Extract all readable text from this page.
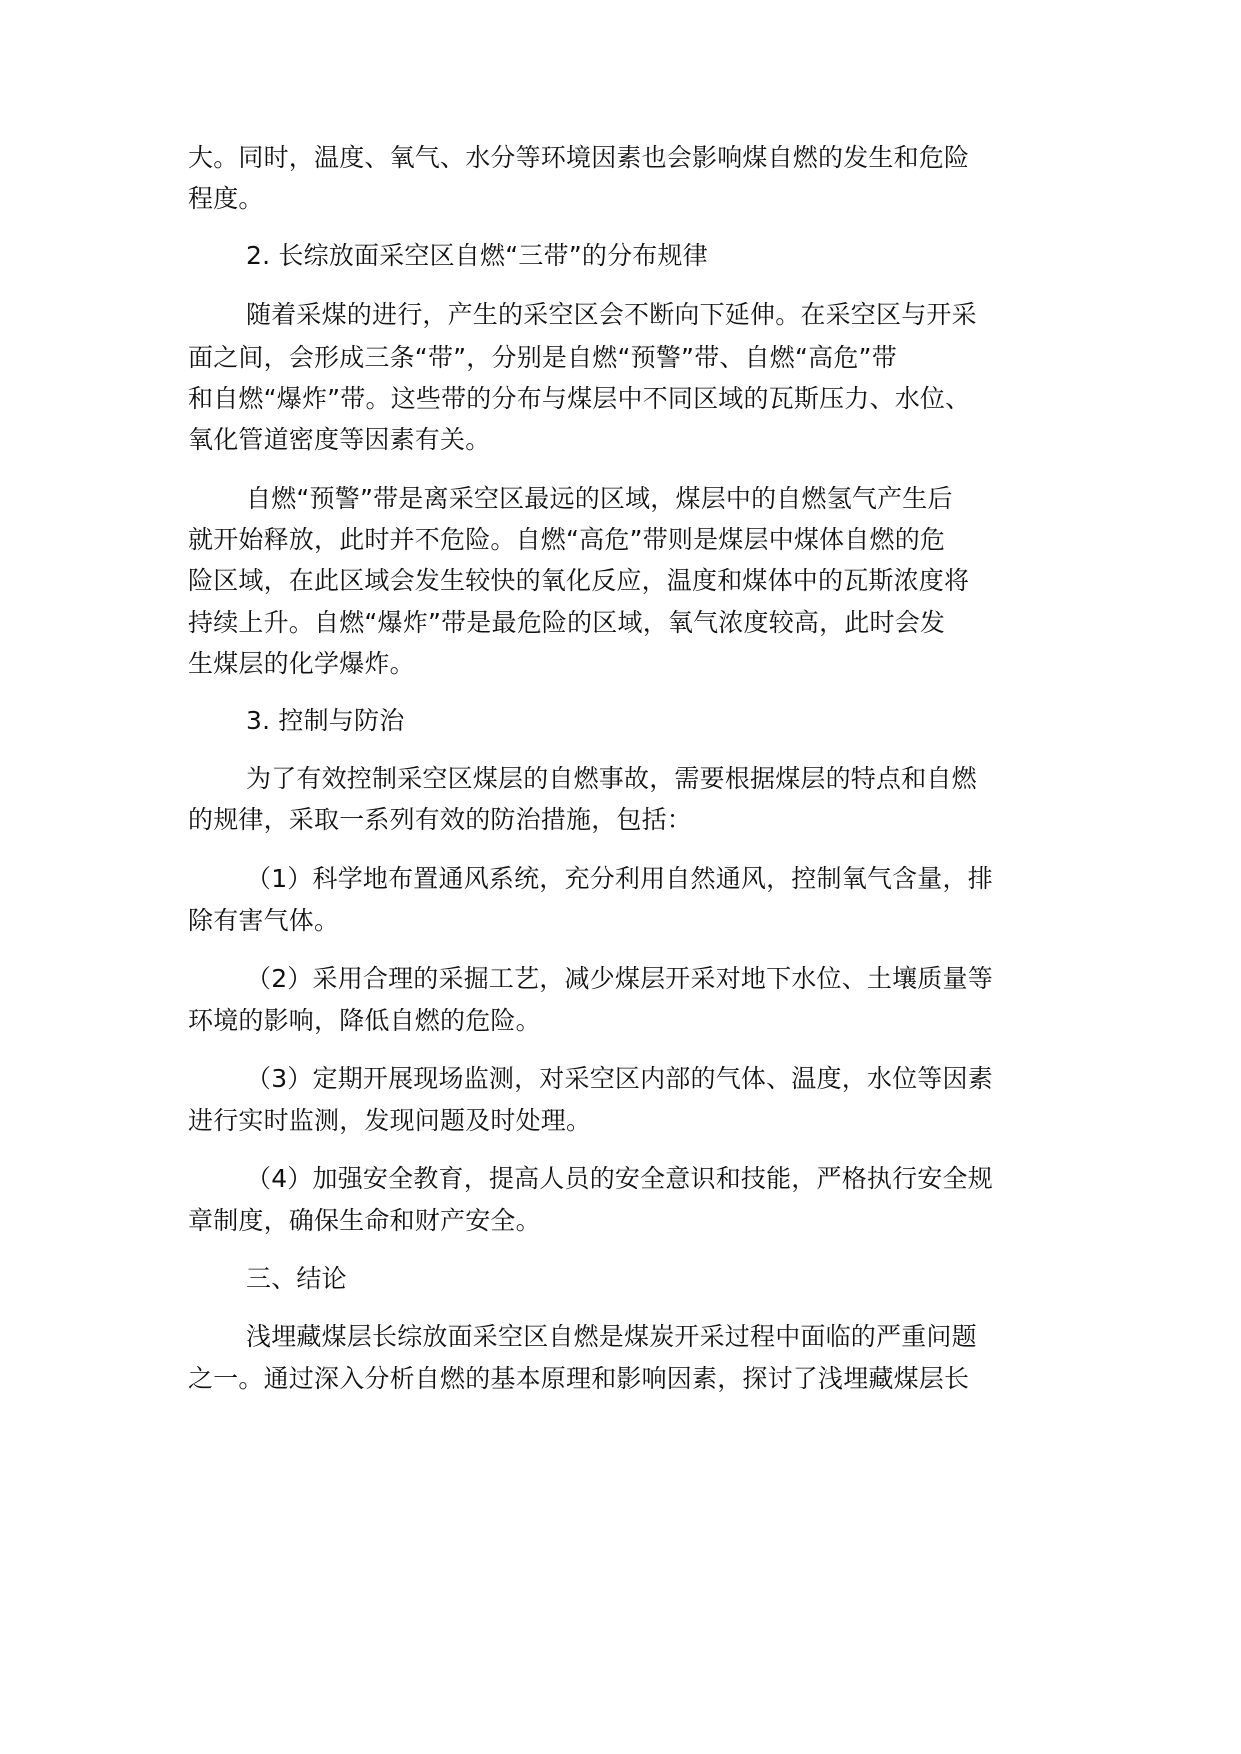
大。同时，温度、氧气、水分等环境因素也会影响煤自燃的发生和危险
程度。
2. 长综放面采空区自燃“三带”的分布规律
随着采煤的进行，产生的采空区会不断向下延伸。在采空区与开采
面之间，会形成三条“带”，分别是自燃“预警”带、自燃“高危”带
和自燃“爆炸”带。这些带的分布与煤层中不同区域的瓦斯压力、水位、
氧化管道密度等因素有关。
自燃“预警”带是离采空区最远的区域，煤层中的自燃氢气产生后
就开始释放，此时并不危险。自燃“高危”带则是煤层中煤体自燃的危
险区域，在此区域会发生较快的氧化反应，温度和煤体中的瓦斯浓度将
持续上升。自燃“爆炸”带是最危险的区域，氧气浓度较高，此时会发
生煤层的化学爆炸。
3. 控制与防治
为了有效控制采空区煤层的自燃事故，需要根据煤层的特点和自燃
的规律，采取一系列有效的防治措施，包括：
（1）科学地布置通风系统，充分利用自然通风，控制氧气含量，排
除有害气体。
（2）采用合理的采掘工艺，减少煤层开采对地下水位、土壤质量等
环境的影响，降低自燃的危险。
（3）定期开展现场监测，对采空区内部的气体、温度，水位等因素
进行实时监测，发现问题及时处理。
（4）加强安全教育，提高人员的安全意识和技能，严格执行安全规
章制度，确保生命和财产安全。
三、结论
浅埋藏煤层长综放面采空区自燃是煤炭开采过程中面临的严重问题
之一。通过深入分析自燃的基本原理和影响因素，探讨了浅埋藏煤层长
